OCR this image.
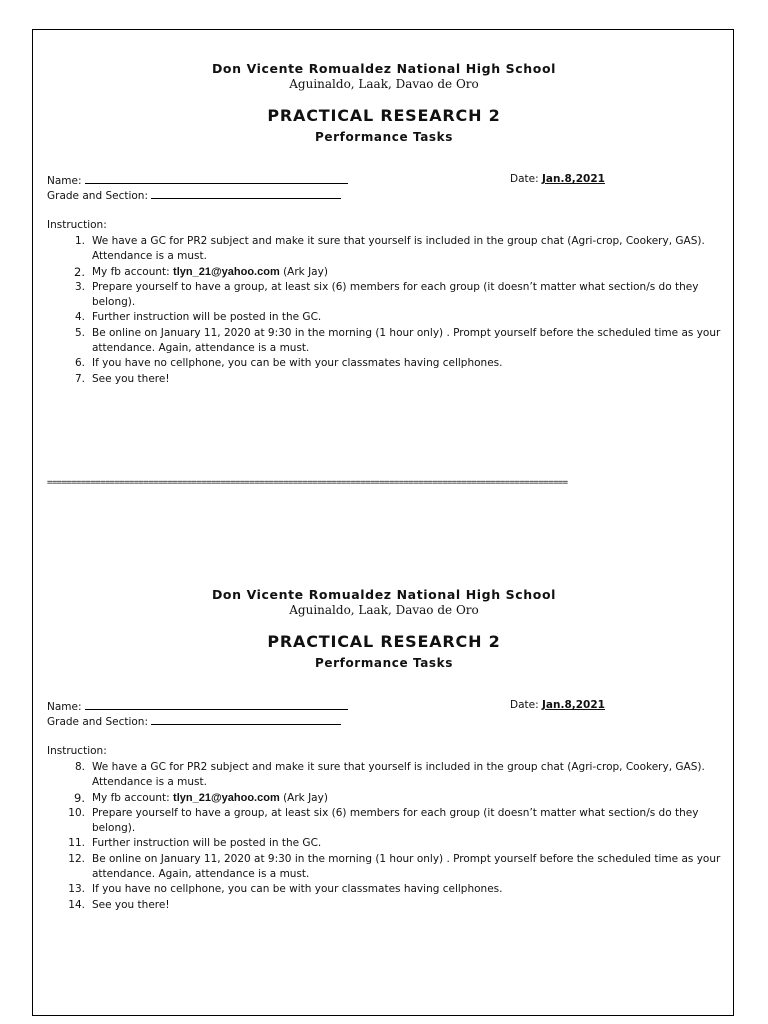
Don Vicente Romualdez National High School
Aguinaldo, Laak, Davao de Oro
PRACTICAL RESEARCH 2
Performance Tasks
Name:	Date: Jan.8,2021
Grade and Section:
Instruction:
1. We have a GC for PR2 subject and make it sure that yourself is included in the group chat (Agri-crop, Cookery, GAS). Attendance is a must.
2. My fb account: tlyn_21@yahoo.com (Ark Jay)
3. Prepare yourself to have a group, at least six (6) members for each group (it doesn’t matter what section/s do they belong).
4. Further instruction will be posted in the GC.
5. Be online on January 11, 2020 at 9:30 in the morning (1 hour only) . Prompt yourself before the scheduled time as your attendance. Again, attendance is a must.
6. If you have no cellphone, you can be with your classmates having cellphones.
7. See you there!
============================================================================================================
Don Vicente Romualdez National High School
Aguinaldo, Laak, Davao de Oro
PRACTICAL RESEARCH 2
Performance Tasks
Name:	Date: Jan.8,2021
Grade and Section:
Instruction:
8. We have a GC for PR2 subject and make it sure that yourself is included in the group chat (Agri-crop, Cookery, GAS). Attendance is a must.
9. My fb account: tlyn_21@yahoo.com (Ark Jay)
10. Prepare yourself to have a group, at least six (6) members for each group (it doesn’t matter what section/s do they belong).
11. Further instruction will be posted in the GC.
12. Be online on January 11, 2020 at 9:30 in the morning (1 hour only) . Prompt yourself before the scheduled time as your attendance. Again, attendance is a must.
13. If you have no cellphone, you can be with your classmates having cellphones.
14. See you there!
